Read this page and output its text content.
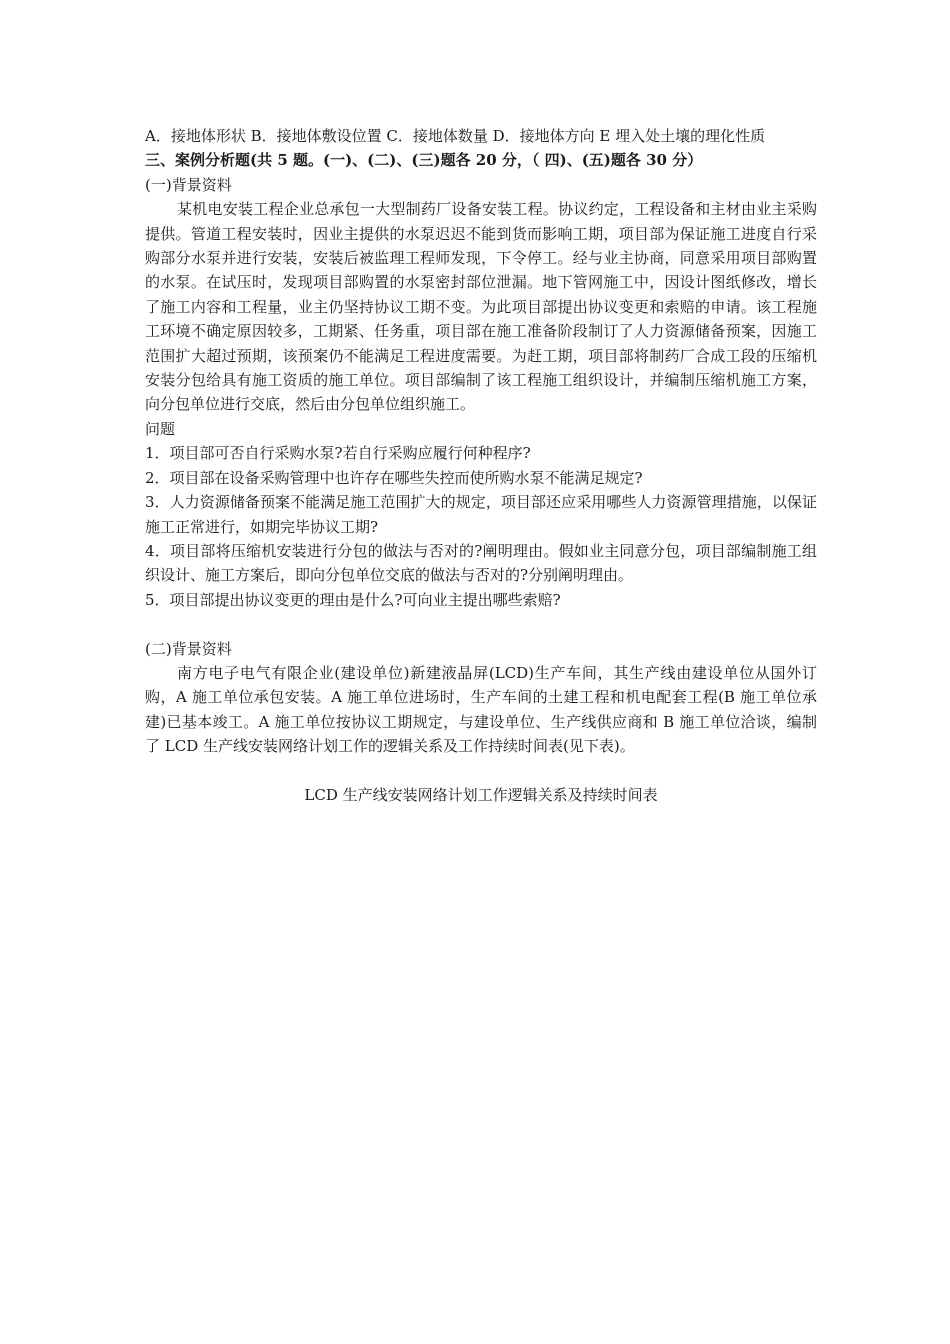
A．接地体形状 B．接地体敷设位置 C．接地体数量 D．接地体方向 E 埋入处土壤的理化性质
三、案例分析题(共 5 题。(一)、(二)、(三)题各 20 分，（ 四)、(五)题各 30 分）
(一)背景资料
某机电安装工程企业总承包一大型制药厂设备安装工程。协议约定，工程设备和主材由业主采购提供。管道工程安装时，因业主提供的水泵迟迟不能到货而影响工期，项目部为保证施工进度自行采购部分水泵并进行安装，安装后被监理工程师发现，下令停工。经与业主协商，同意采用项目部购置的水泵。在试压时，发现项目部购置的水泵密封部位泄漏。地下管网施工中，因设计图纸修改，增长了施工内容和工程量，业主仍坚持协议工期不变。为此项目部提出协议变更和索赔的申请。该工程施工环境不确定原因较多，工期紧、任务重，项目部在施工准备阶段制订了人力资源储备预案，因施工范围扩大超过预期，该预案仍不能满足工程进度需要。为赶工期，项目部将制药厂合成工段的压缩机安装分包给具有施工资质的施工单位。项目部编制了该工程施工组织设计，并编制压缩机施工方案，向分包单位进行交底，然后由分包单位组织施工。
问题
1．项目部可否自行采购水泵?若自行采购应履行何种程序?
2．项目部在设备采购管理中也许存在哪些失控而使所购水泵不能满足规定?
3．人力资源储备预案不能满足施工范围扩大的规定，项目部还应采用哪些人力资源管理措施，以保证施工正常进行，如期完毕协议工期?
4．项目部将压缩机安装进行分包的做法与否对的?阐明理由。假如业主同意分包，项目部编制施工组织设计、施工方案后，即向分包单位交底的做法与否对的?分别阐明理由。
5．项目部提出协议变更的理由是什么?可向业主提出哪些索赔?
(二)背景资料
南方电子电气有限企业(建设单位)新建液晶屏(LCD)生产车间，其生产线由建设单位从国外订购，A 施工单位承包安装。A 施工单位进场时，生产车间的土建工程和机电配套工程(B 施工单位承建)已基本竣工。A 施工单位按协议工期规定，与建设单位、生产线供应商和 B 施工单位洽谈，编制了 LCD 生产线安装网络计划工作的逻辑关系及工作持续时间表(见下表)。
LCD 生产线安装网络计划工作逻辑关系及持续时间表
